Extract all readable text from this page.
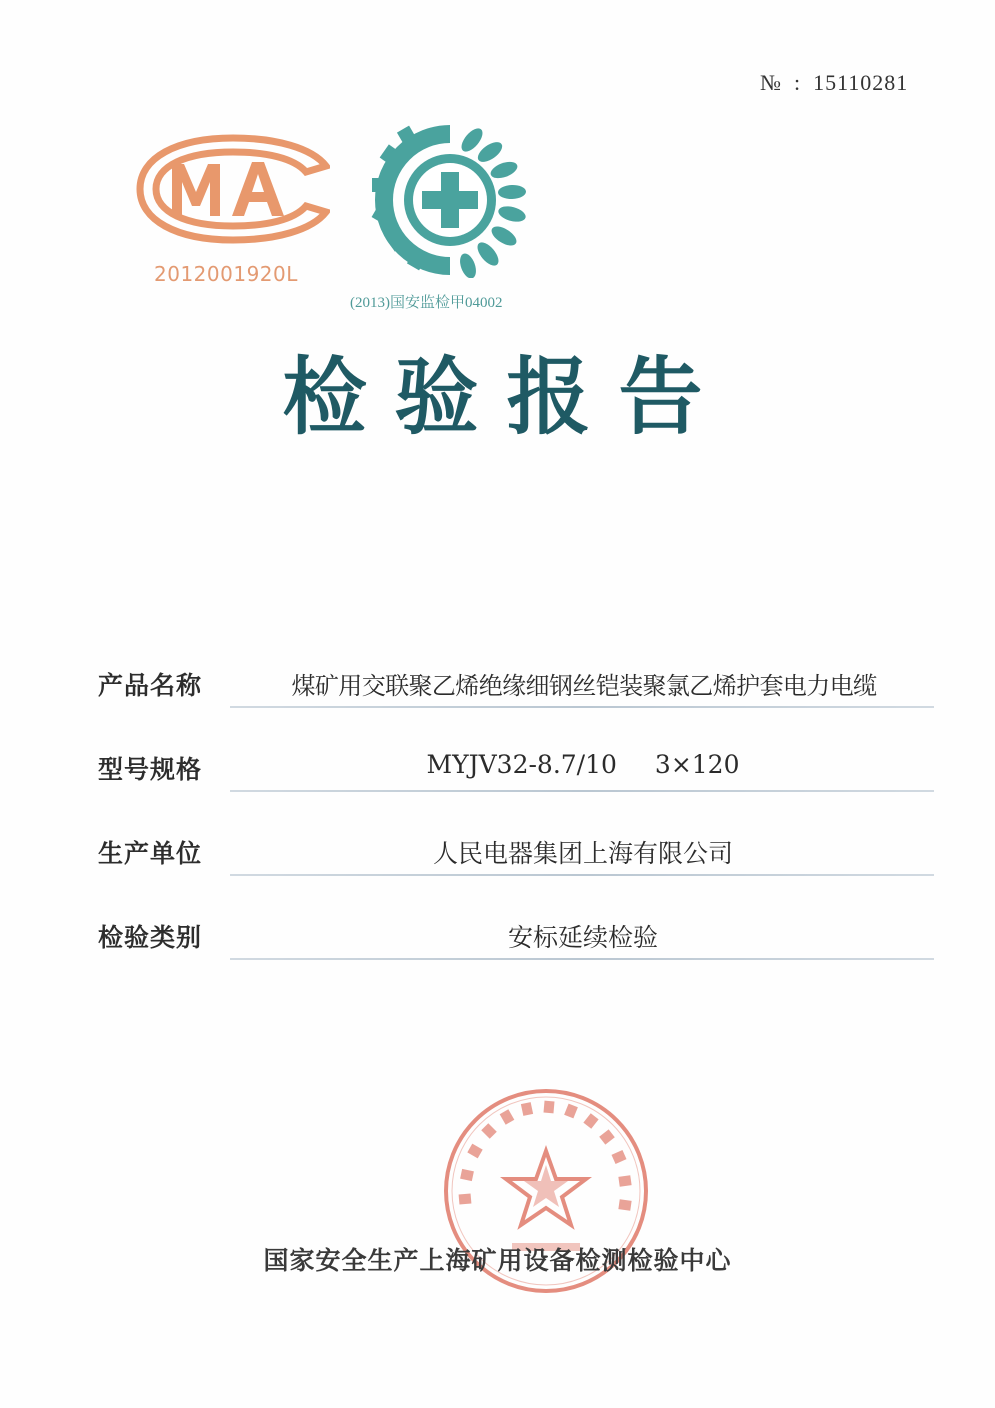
№ : 15110281
2012001920L
(2013)国安监检甲04002
检验报告
产品名称	煤矿用交联聚乙烯绝缘细钢丝铠装聚氯乙烯护套电力电缆
型号规格	MYJV32-8.7/10 3×120
生产单位	人民电器集团上海有限公司
检验类别	安标延续检验
国家安全生产上海矿用设备检测检验中心
